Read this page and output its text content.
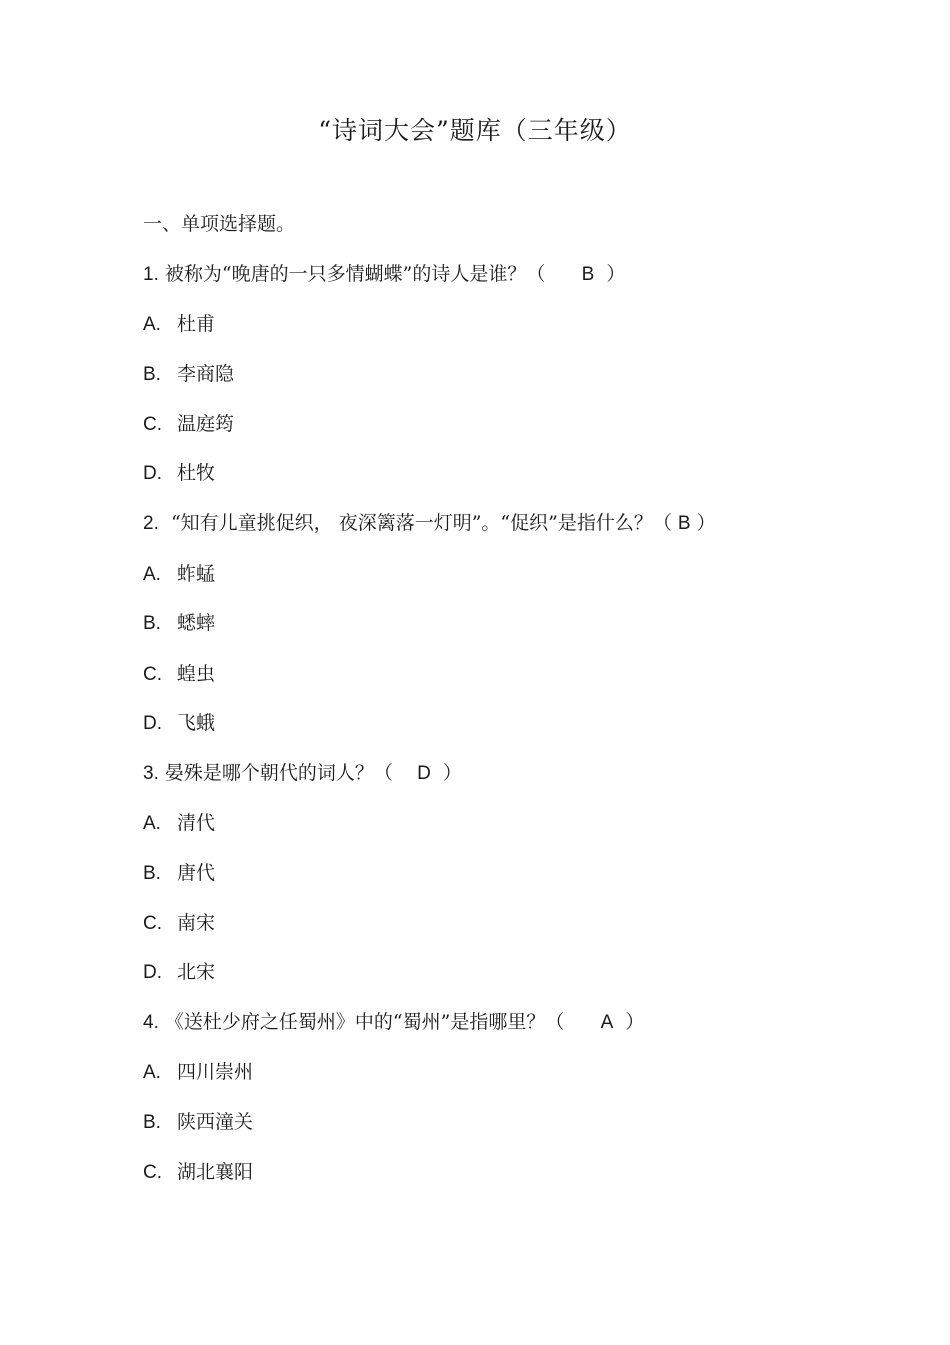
“诗词大会”题库（三年级）
一、单项选择题。
1. 被称为“晚唐的一只多情蝴蝶”的诗人是谁？（ B ）
A. 杜甫
B. 李商隐
C. 温庭筠
D. 杜牧
2. “知有儿童挑促织， 夜深篱落一灯明”。“促织”是指什么？（ B ）
A. 蚱蜢
B. 蟋蟀
C. 蝗虫
D. 飞蛾
3. 晏殊是哪个朝代的词人？（ D ）
A. 清代
B. 唐代
C. 南宋
D. 北宋
4. 《送杜少府之任蜀州》中的“蜀州”是指哪里？（ A ）
A. 四川崇州
B. 陕西潼关
C. 湖北襄阳
